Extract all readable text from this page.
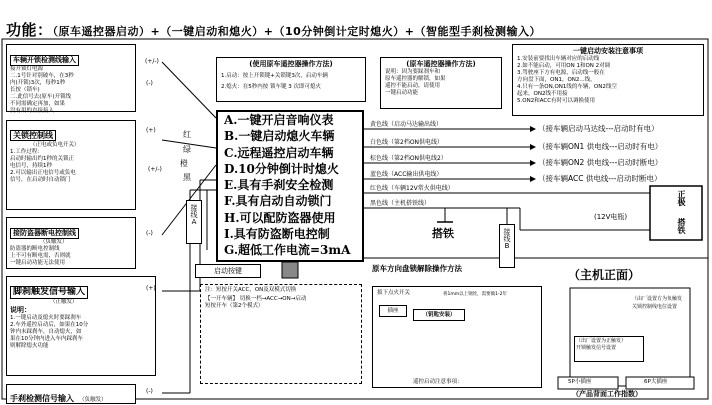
功能：（原车遥控器启动）+（一键启动和熄火）+（10分钟倒计定时熄火）+（智能型手刹检测输入）
车辆开锁检测线输入
接开锁灯电源
二.1号针对别破车，在3秒
内(开锁)3次，每秒1秒
长按（锁车)
二.此信号去(原车)开锁线
不同需确定再加，如果
没有用的直接接入
关锁控制线
（正电或负电开关）
1.工作过程：
启动时输出约1秒的关锁正
电信号，持续1秒
2.可以输出正电信号或负电
信号，在启动时自动锁门
接防盗器断电控制线
（负触发）
防盗器的断电控制线
上不可有断电需，否则就
一键启动功能无法使用
脚刹触发信号输入
（正触发）
说明：
1.一键启动及熄火时要踩刹车
2.车外遥控启动后，如果在10分
钟内未踩刹车，自动熄火，如
果在10分钟内进入车内踩刹车
则解除熄火功能
手刹检测信号输入 （负触发）
(+/-)
(-)
(+)
(-)
(+/-)
(+)
(-)
红
绿
橙
黑
接线
A
(使用原车遥控器操作方法)
1.启动：按上开锁键+关锁键3次，启动车辆
2.熄火：在5秒内按 锁车键 3 次即可熄火
(原车遥控器操作方法)
说明：因为要踩刹车和
原车遥控器的解锁，如果
遥控不能启动，请使用
一键启动功能
一键启动安装注意事项
1.安装前要找出车辆对应的启动线
2.如不能启动，可用ON 1和ON 2对调
3.驾驶座下方有电源，启动线一般在
方向盘下面，ON1，ON2...线，
4.只有一条ON,ON1线的车辆，ON2线空
起来，ON2线不用接
5.ON2和ACC有时可以调换使用
A.一键开启音响仪表
B.一键启动熄火车辆
C.远程遥控启动车辆
D.10分钟倒计时熄火
E.具有手刹安全检测
F.具有启动自动锁门
H.可以配防盗器使用
I.具有防盗断电控制
G.超低工作电流=3mA
黄色线（启动马达输出线）
白色线（第2档ON供电线）
棕色线（第2档ON供电线2）
蓝色线（ACC输出供电线）
红色线（车辆12V常火供电线）
黑色线（主机搭铁线）
（接车辆启动马达线---启动时有电）
（接车辆ON1 供电线---启动时有电）
（接车辆ON2 供电线---启动时断电）
（接车辆ACC 供电线---启动时断电）
正极
搭铁
(12V电瓶)
搭铁	接线
B
启动按键
注：短按开关ACC，ON及双模式切换
【一开车辆】 切换一档→ACC→ON→启动
短按开车（第2个模式）
原车方向盘锁解除操作方法
拔下点火开关
插座
（钥匙安装）
将1mm以上钢丝，需要做1-2年
遥控启动注意事项：
（主机正面）
（由厂设置方为负触发
关锁控制线电位设置
（出厂设置为正触发）
开锁触发信号设置
5P小插座	6P大插座
（产品背面工作指数）
